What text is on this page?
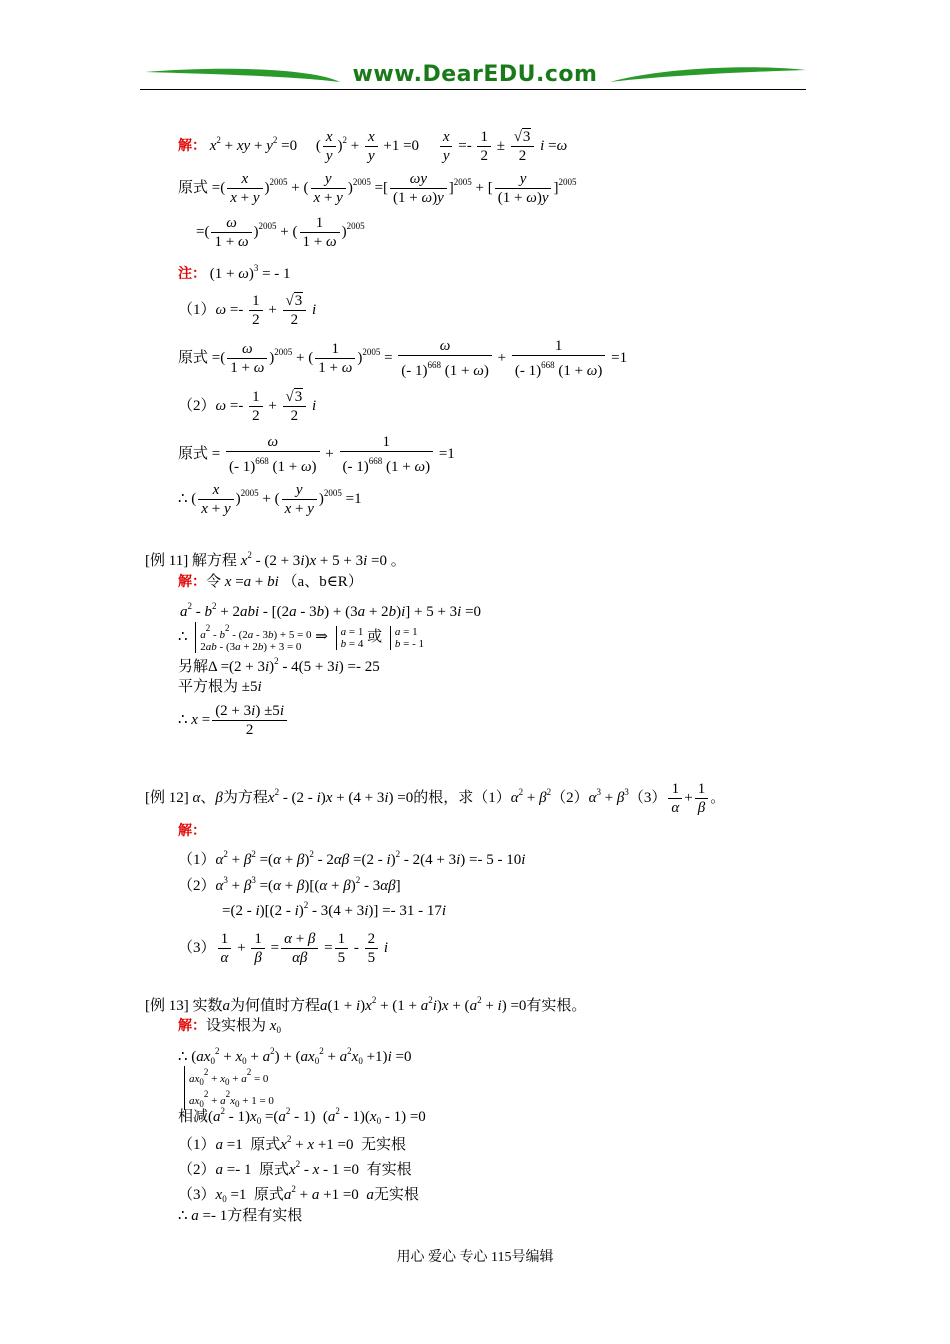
www.DearEDU.com
解： $x^2$ + xy + $y^2 =0$     ( $\frac{x}{y} )^2 + \frac{x}{y} +1 =0 \frac{x}{y} =- \frac{1}{2} \pm \frac{√3}{2}$ i =ω
原式 =( $\frac{x}{x + y} )^{2005}$ + ( $\frac{y}{x + y} )^{2005}$ =[ $\frac{\omega y}{(1 + \omega)y} ]^{2005}$ + [ $\frac{y}{(1 + \omega)y} ]^{2005}$
=( $\frac{\omega}{1 + \omega} )^{2005}$ + ( $\frac{1}{1 + \omega} )^{2005}$
注： $(1 + \omega)^3$ = - 1
$(1)\omega =- \frac{1}{2} + \frac{√3}{2}$ i
原式 =( $\frac{\omega}{1 + \omega} )^{2005}$ + ( $\frac{1}{1 + \omega} )^{2005} = \frac{\omega}{(- 1)^{668} (1 + \omega)} + \frac{1}{(- 1)^{668} (1 + \omega)} =1$
$(2)\omega =- \frac{1}{2} + \frac{√3}{2}$ i
原式 = $\frac{\omega}{(- 1)^{668} (1 + \omega)} + \frac{1}{(- 1)^{668} (1 + \omega)} =1$
∴ ( $\frac{x}{x + y} )^{2005}$ + ( $\frac{y}{x + y} )^{2005} =1$
[例 11] 解方程 $x^2 - (2 + 3i)x + 5 + 3i =0$ 。
解：令 x =a + bi （a、b∈R）
$a^2 - b^2 + 2abi - [(2a - 3b) + (3a + 2b)i] + 5 + 3i =0$
∴ $a^2 - b^2 - (2a - 3b) + 5 = 0$
2ab - (3a + 2b) + 3 = 0 ⇒ a = 1
b = 4 或 a = 1
b = - 1
另解$\Delta =(2 + 3i)^2 - 4(5 + 3i) =- 25$
平方根为 ±5i
∴ $x = \frac{(2 + 3i) \pm 5i}{2}$
[例 12] α、β为方程$x^2 - (2 - i)x + (4 + 3i) =0$的根，求$(1)\alpha^2 + \beta^2(2)\alpha^3 + \beta^3(3) \frac{1}{\alpha} + \frac{1}{\beta}$ 。
解：
$(1)\alpha^2 + \beta^2 =(\alpha + \beta)^2 - 2\alpha\beta =(2 - i)^2 - 2(4 + 3i) =- 5 - 10i$
$(2)\alpha^3 + \beta^3 =(\alpha + \beta)[(\alpha + \beta)^2 - 3\alpha\beta]$
=(2 - i)[(2 - i)$^2$ - 3(4 + 3i)] =- 31 - 17i
$(3) \frac{1}{\alpha} + \frac{1}{\beta} = \frac{\alpha + \beta}{\alpha\beta} = \frac{1}{5} - \frac{2}{5}$ i
[例 13] 实数a为何值时方程$a(1 + i)x^2 + (1 + a^2i)x + (a^2 + i) =0$有实根。
解：设实根为 $x_0$
∴ $(ax_0^2 + x_0 + a^2) + (ax_0^2 + a^2x_0 +1)i =0$
$ax_0^2 + x_0 + a^2 = 0$
$ax_0^2 + a^2x_0 + 1 = 0$
相减$(a^2 - 1)x_0 =(a^2 - 1)$  $(a^2 - 1)(x_0 - 1) =0$
（1）a =1  原式$x^2 + x +1 =0$  无实根
（2）a =- 1  原式$x^2 - x - 1 =0$  有实根
$(3)x_0 =1$  原式$a^2 + a +1 =0$  a无实根
∴ a =- 1方程有实根
用心 爱心 专心 115号编辑
